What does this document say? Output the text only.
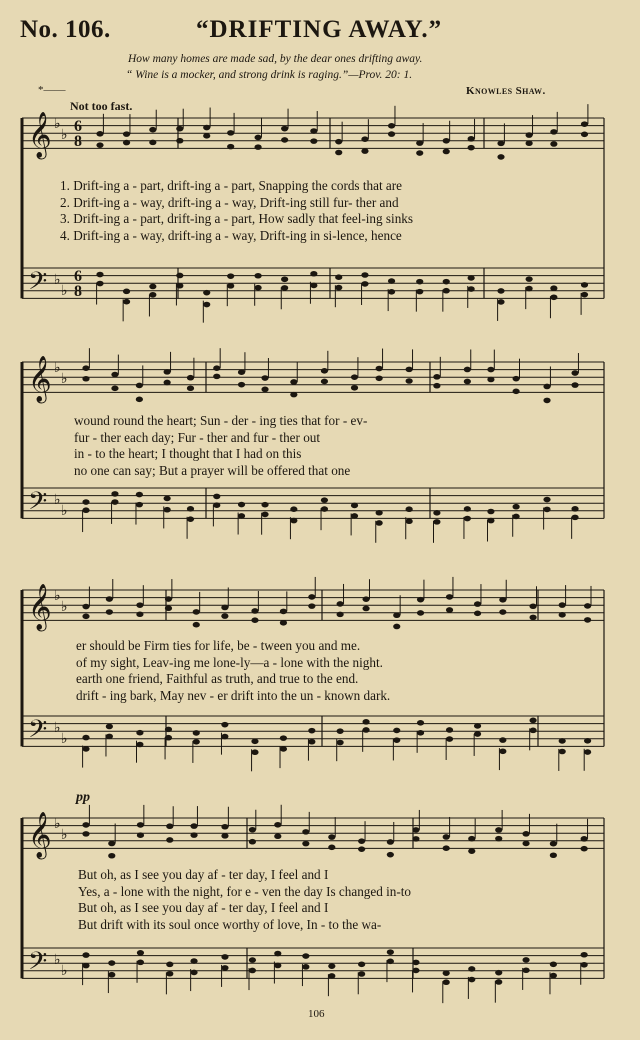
No. 106.	“DRIFTING AWAY.”
How many homes are made sad, by the dear ones drifting away.
“ Wine is a mocker, and strong drink is raging.”—Prov. 20: 1.
*——	Knowles Shaw.
Not too fast.
pp
𝄞
𝄢
♭
♭
♭
♭
6
8
6
8
𝄞
𝄢
♭
♭
♭
♭
𝄞
𝄢
♭
♭
♭
♭
𝄞
𝄢
♭
♭
♭
♭
1. Drift-ing a - part, drift-ing a - part, Snapping the cords that are
2. Drift-ing a - way, drift-ing a - way, Drift-ing still fur- ther and
3. Drift-ing a - part, drift-ing a - part, How sadly that feel-ing sinks
4. Drift-ing a - way, drift-ing a - way, Drift-ing in si-lence, hence
wound round the heart; Sun - der - ing ties that for - ev-
fur - ther each day; Fur - ther and fur - ther out
in - to the heart; I thought that I had on this
no one can say; But a prayer will be offered that one
er should be Firm ties for life, be - tween you and me.
of my sight, Leav-ing me lone-ly—a - lone with the night.
earth one friend, Faithful as truth, and true to the end.
drift - ing bark, May nev - er drift into the un - known dark.
But oh, as I see you day af - ter day, I feel and I
Yes, a - lone with the night, for e - ven the day Is changed in-to
But oh, as I see you day af - ter day, I feel and I
But drift with its soul once worthy of love, In - to the wa-
106
